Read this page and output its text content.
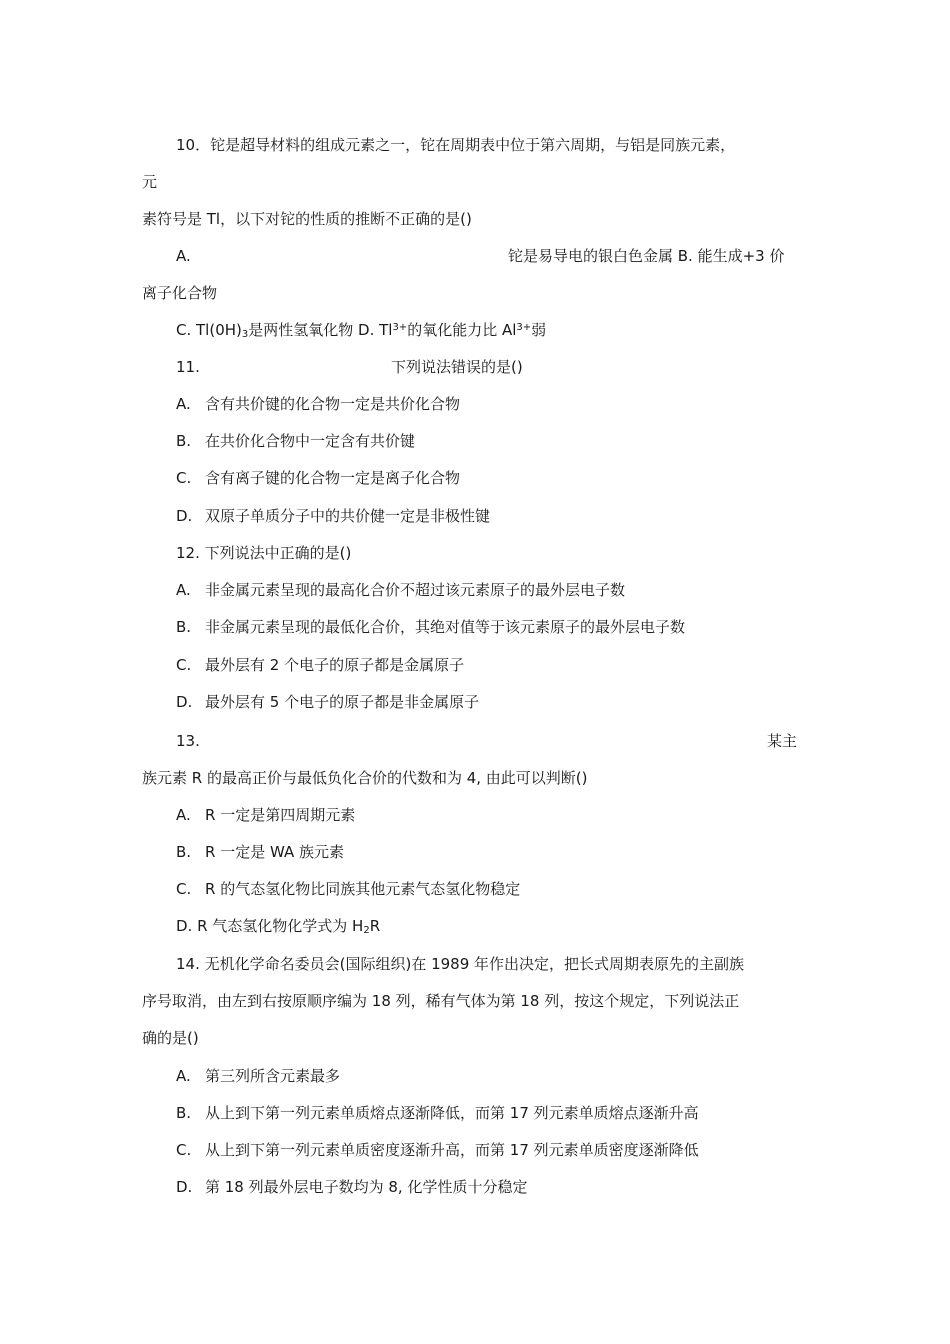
10．铊是超导材料的组成元素之一，铊在周期表中位于第六周期，与铝是同族元素，
元
素符号是 Tl，以下对铊的性质的推断不正确的是()
A.	铊是易导电的银白色金属 B. 能生成+3 价
离子化合物
C. $Tl(0H)_3$是两性氢氧化物 D. $Tl^{3+}$的氧化能力比 $Al^{3+}$弱
11.	下列说法错误的是()
A. 含有共价键的化合物一定是共价化合物
B. 在共价化合物中一定含有共价键
C. 含有离子键的化合物一定是离子化合物
D. 双原子单质分子中的共价健一定是非极性键
12. 下列说法中正确的是()
A. 非金属元素呈现的最高化合价不超过该元素原子的最外层电子数
B. 非金属元素呈现的最低化合价，其绝对值等于该元素原子的最外层电子数
C. 最外层有 2 个电子的原子都是金属原子
D. 最外层有 5 个电子的原子都是非金属原子
13.	某主
族元素 R 的最高正价与最低负化合价的代数和为 4, 由此可以判断()
A. R 一定是第四周期元素
B. R 一定是 WA 族元素
C. R 的气态氢化物比同族其他元素气态氢化物稳定
D. R 气态氢化物化学式为 $H_2R$
14. 无机化学命名委员会(国际组织)在 1989 年作出决定，把长式周期表原先的主副族
序号取消，由左到右按原顺序编为 18 列，稀有气体为第 18 列，按这个规定，下列说法正
确的是()
A. 第三列所含元素最多
B. 从上到下第一列元素单质熔点逐渐降低，而第 17 列元素单质熔点逐渐升高
C. 从上到下第一列元素单质密度逐渐升高，而第 17 列元素单质密度逐渐降低
D. 第 18 列最外层电子数均为 8, 化学性质十分稳定
